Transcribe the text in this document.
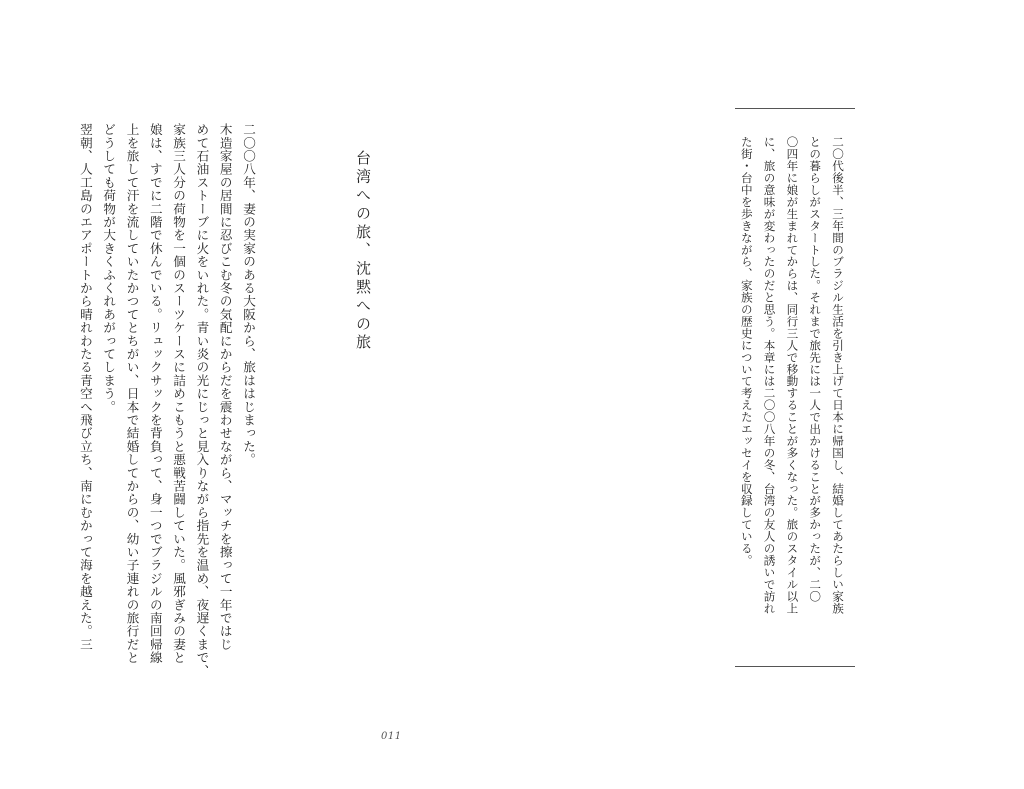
台湾への旅、沈黙への旅

二〇〇八年、妻の実家のある大阪から、旅ははじまった。

木造家屋の居間に忍びこむ冬の気配にからだを震わせながら、マッチを擦って一年ではじ

めて石油ストーブに火をいれた。青い炎の光にじっと見入りながら指先を温め、夜遅くまで、

家族三人分の荷物を一個のスーツケースに詰めこもうと悪戦苦闘していた。風邪ぎみの妻と

娘は、すでに二階で休んでいる。リュックサックを背負って、身一つでブラジルの南回帰線

上を旅して汗を流していたかつてとちがい、日本で結婚してからの、幼い子連れの旅行だと

どうしても荷物が大きくふくれあがってしまう。

翌朝、人工島のエアポートから晴れわたる青空へ飛び立ち、南にむかって海を越えた。三	二〇代後半、三年間のブラジル生活を引き上げて日本に帰国し、結婚してあたらしい家族
との暮らしがスタートした。それまで旅先には一人で出かけることが多かったが、二〇
〇四年に娘が生まれてからは、同行三人で移動することが多くなった。旅のスタイル以上
に、旅の意味が変わったのだと思う。本章には二〇〇八年の冬、台湾の友人の誘いで訪れ
た街・台中を歩きながら、家族の歴史について考えたエッセイを収録している。
011
